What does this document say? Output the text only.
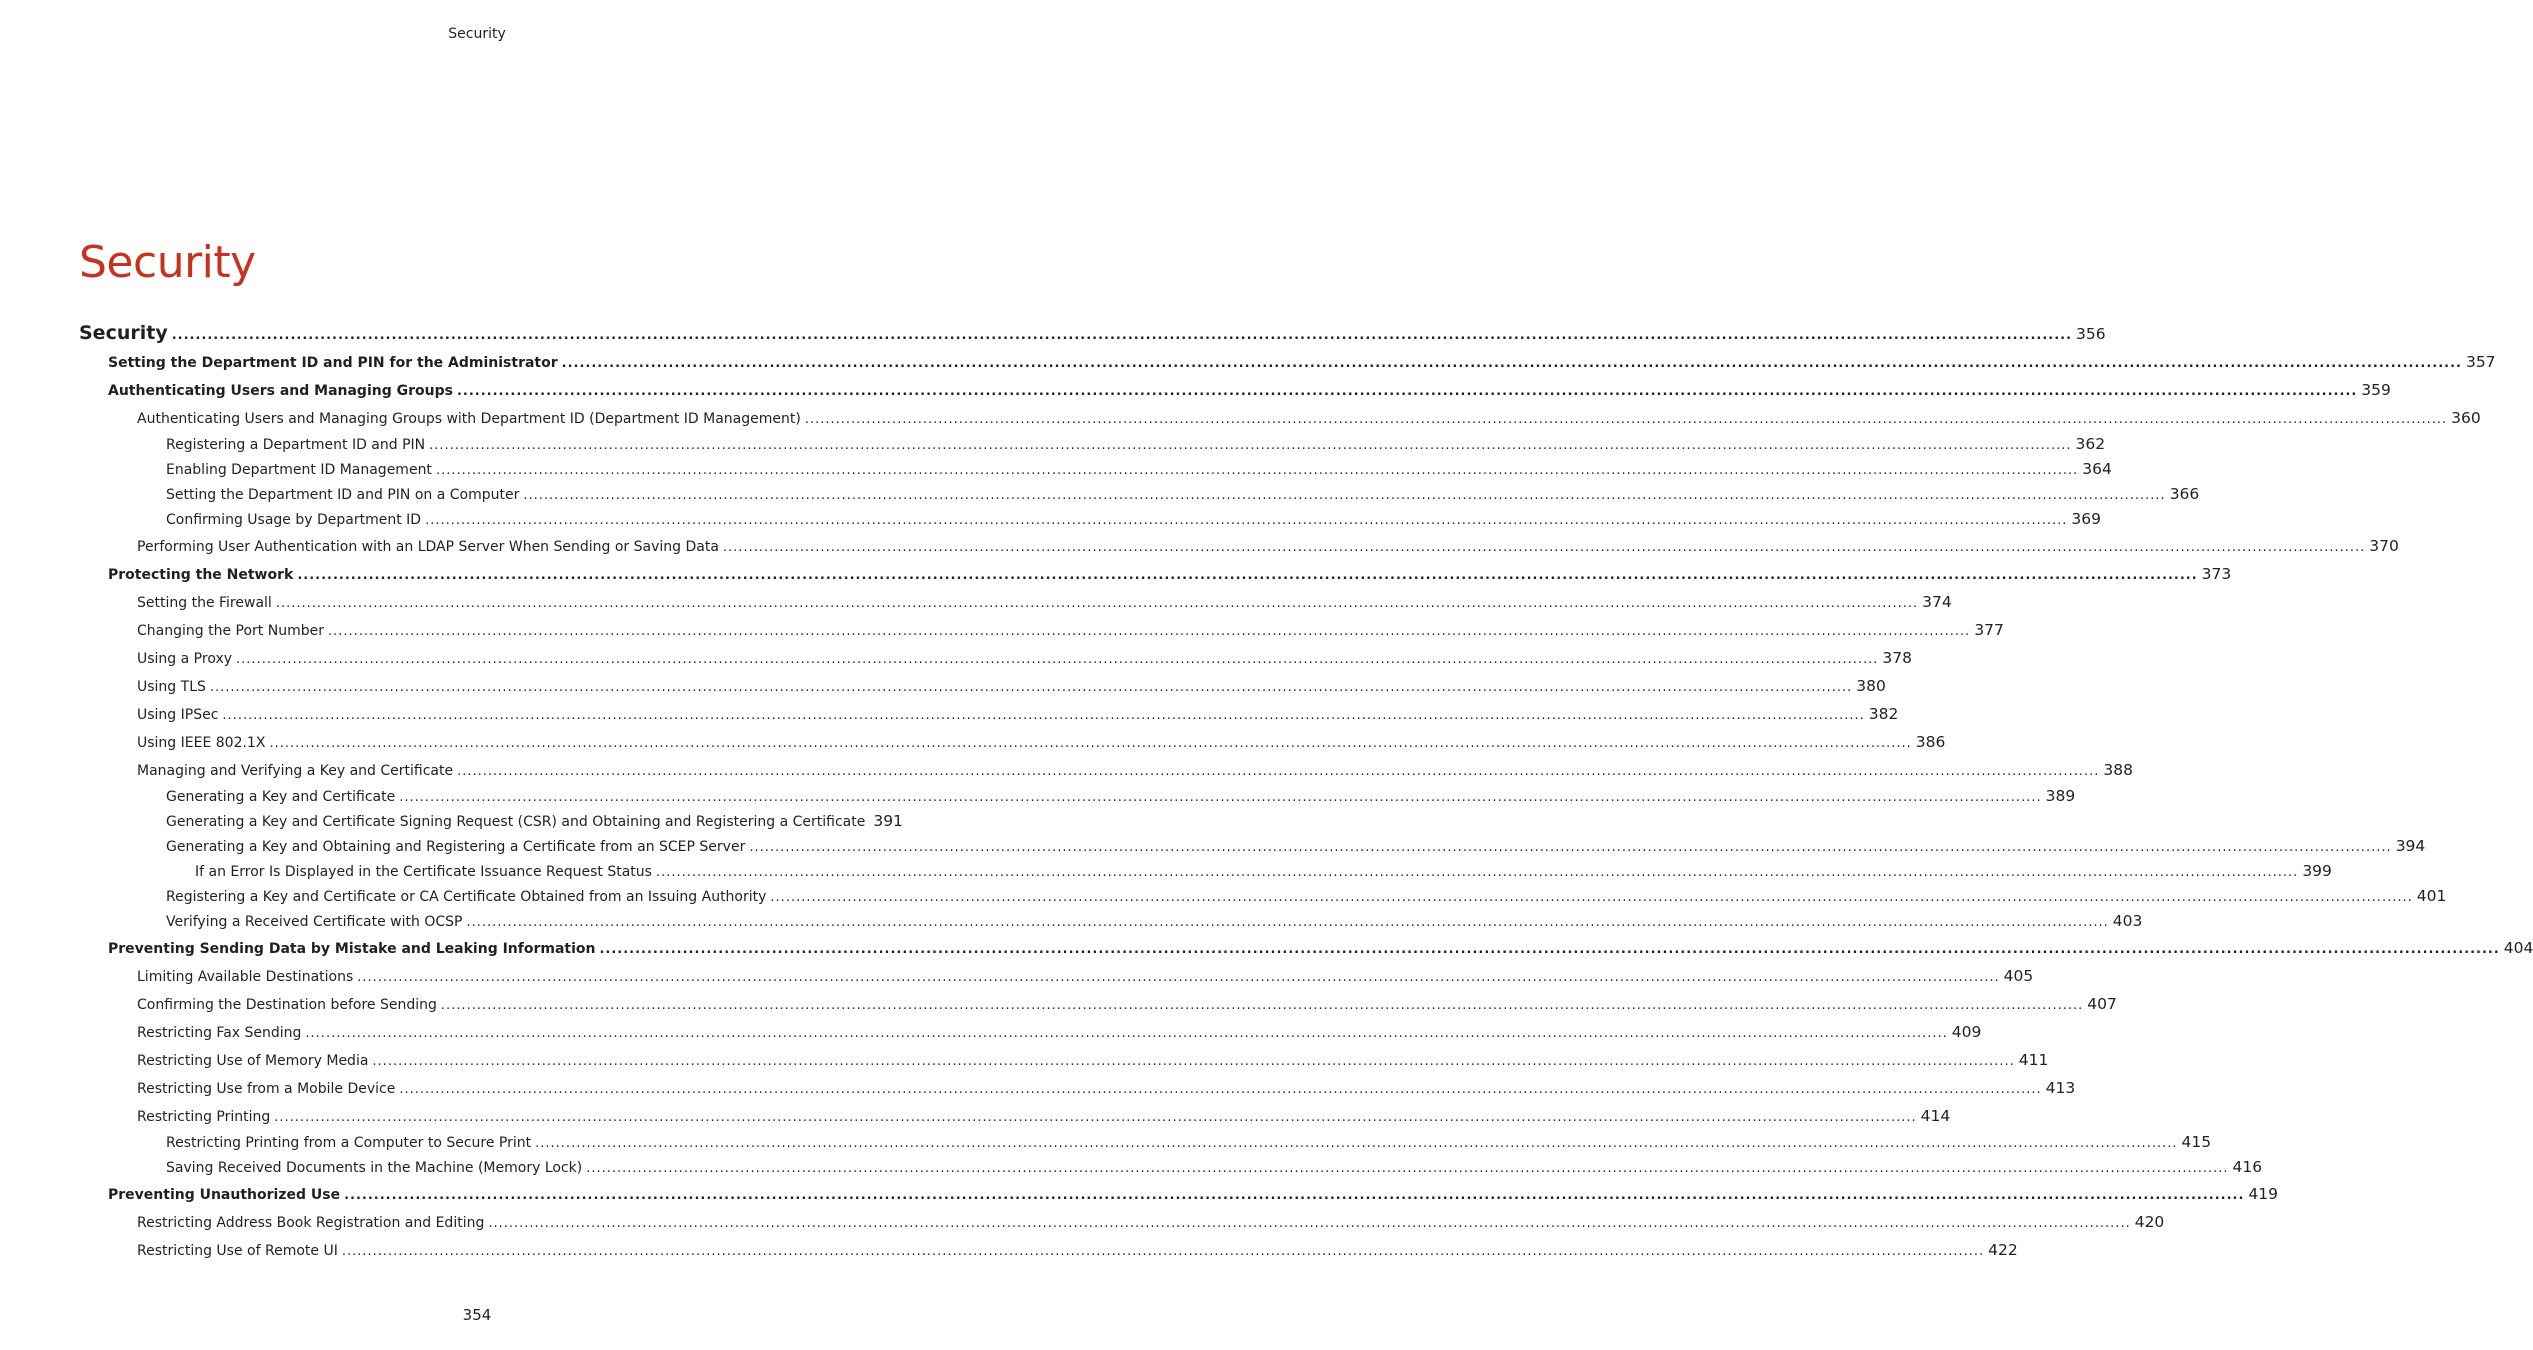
Security
Security
Security .....	356
Setting the Department ID and PIN for the Administrator .....	357
Authenticating Users and Managing Groups .....	359
Authenticating Users and Managing Groups with Department ID (Department ID Management) .....	360
Registering a Department ID and PIN .....	362
Enabling Department ID Management .....	364
Setting the Department ID and PIN on a Computer .....	366
Confirming Usage by Department ID .....	369
Performing User Authentication with an LDAP Server When Sending or Saving Data .....	370
Protecting the Network .....	373
Setting the Firewall .....	374
Changing the Port Number .....	377
Using a Proxy .....	378
Using TLS .....	380
Using IPSec .....	382
Using IEEE 802.1X .....	386
Managing and Verifying a Key and Certificate .....	388
Generating a Key and Certificate .....	389
Generating a Key and Certificate Signing Request (CSR) and Obtaining and Registering a Certificate 391
Generating a Key and Obtaining and Registering a Certificate from an SCEP Server .....	394
If an Error Is Displayed in the Certificate Issuance Request Status .....	399
Registering a Key and Certificate or CA Certificate Obtained from an Issuing Authority .....	401
Verifying a Received Certificate with OCSP .....	403
Preventing Sending Data by Mistake and Leaking Information .....	404
Limiting Available Destinations .....	405
Confirming the Destination before Sending .....	407
Restricting Fax Sending .....	409
Restricting Use of Memory Media .....	411
Restricting Use from a Mobile Device .....	413
Restricting Printing .....	414
Restricting Printing from a Computer to Secure Print .....	415
Saving Received Documents in the Machine (Memory Lock) .....	416
Preventing Unauthorized Use .....	419
Restricting Address Book Registration and Editing .....	420
Restricting Use of Remote UI .....	422
354
